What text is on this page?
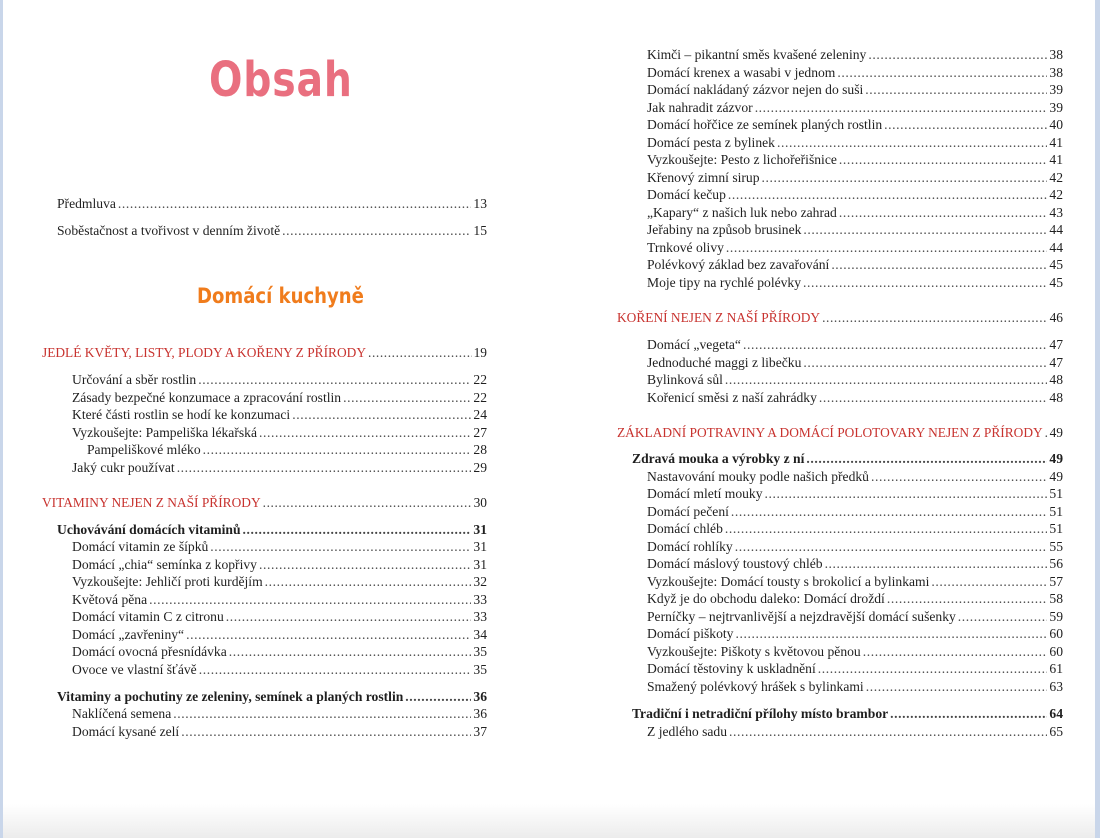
Obsah
Předmluva .....	13
Soběstačnost a tvořivost v denním životě .....	15
Domácí kuchyně
JEDLÉ KVĚTY, LISTY, PLODY A KOŘENY Z PŘÍRODY .....	19
Určování a sběr rostlin .....	22
Zásady bezpečné konzumace a zpracování rostlin .....	22
Které části rostlin se hodí ke konzumaci .....	24
Vyzkoušejte: Pampeliška lékařská .....	27
Pampeliškové mléko .....	28
Jaký cukr používat .....	29
VITAMINY NEJEN Z NAŠÍ PŘÍRODY .....	30
Uchovávání domácích vitaminů .....	31
Domácí vitamin ze šípků .....	31
Domácí „chia“ semínka z kopřivy .....	31
Vyzkoušejte: Jehličí proti kurdějím .....	32
Květová pěna .....	33
Domácí vitamin C z citronu .....	33
Domácí „zavřeniny“ .....	34
Domácí ovocná přesnídávka .....	35
Ovoce ve vlastní šťávě .....	35
Vitaminy a pochutiny ze zeleniny, semínek a planých rostlin .....	36
Naklíčená semena .....	36
Domácí kysané zelí .....	37
Kimči – pikantní směs kvašené zeleniny .....	38
Domácí krenex a wasabi v jednom .....	38
Domácí nakládaný zázvor nejen do suši .....	39
Jak nahradit zázvor .....	39
Domácí hořčice ze semínek planých rostlin .....	40
Domácí pesta z bylinek .....	41
Vyzkoušejte: Pesto z lichořeřišnice .....	41
Křenový zimní sirup .....	42
Domácí kečup .....	42
„Kapary“ z našich luk nebo zahrad .....	43
Jeřabiny na způsob brusinek .....	44
Trnkové olivy .....	44
Polévkový základ bez zavařování .....	45
Moje tipy na rychlé polévky .....	45
KOŘENÍ NEJEN Z NAŠÍ PŘÍRODY .....	46
Domácí „vegeta“ .....	47
Jednoduché maggi z libečku .....	47
Bylinková sůl .....	48
Kořenicí směsi z naší zahrádky .....	48
ZÁKLADNÍ POTRAVINY A DOMÁCÍ POLOTOVARY NEJEN Z PŘÍRODY ..... 49
Zdravá mouka a výrobky z ní .....	49
Nastavování mouky podle našich předků .....	49
Domácí mletí mouky .....	51
Domácí pečení .....	51
Domácí chléb .....	51
Domácí rohlíky .....	55
Domácí máslový toustový chléb .....	56
Vyzkoušejte: Domácí tousty s brokolicí a bylinkami .....	57
Když je do obchodu daleko: Domácí droždí .....	58
Perníčky – nejtrvanlivější a nejzdravější domácí sušenky .....	59
Domácí piškoty .....	60
Vyzkoušejte: Piškoty s květovou pěnou .....	60
Domácí těstoviny k uskladnění .....	61
Smažený polévkový hrášek s bylinkami .....	63
Tradiční i netradiční přílohy místo brambor .....	64
Z jedlého sadu .....	65
